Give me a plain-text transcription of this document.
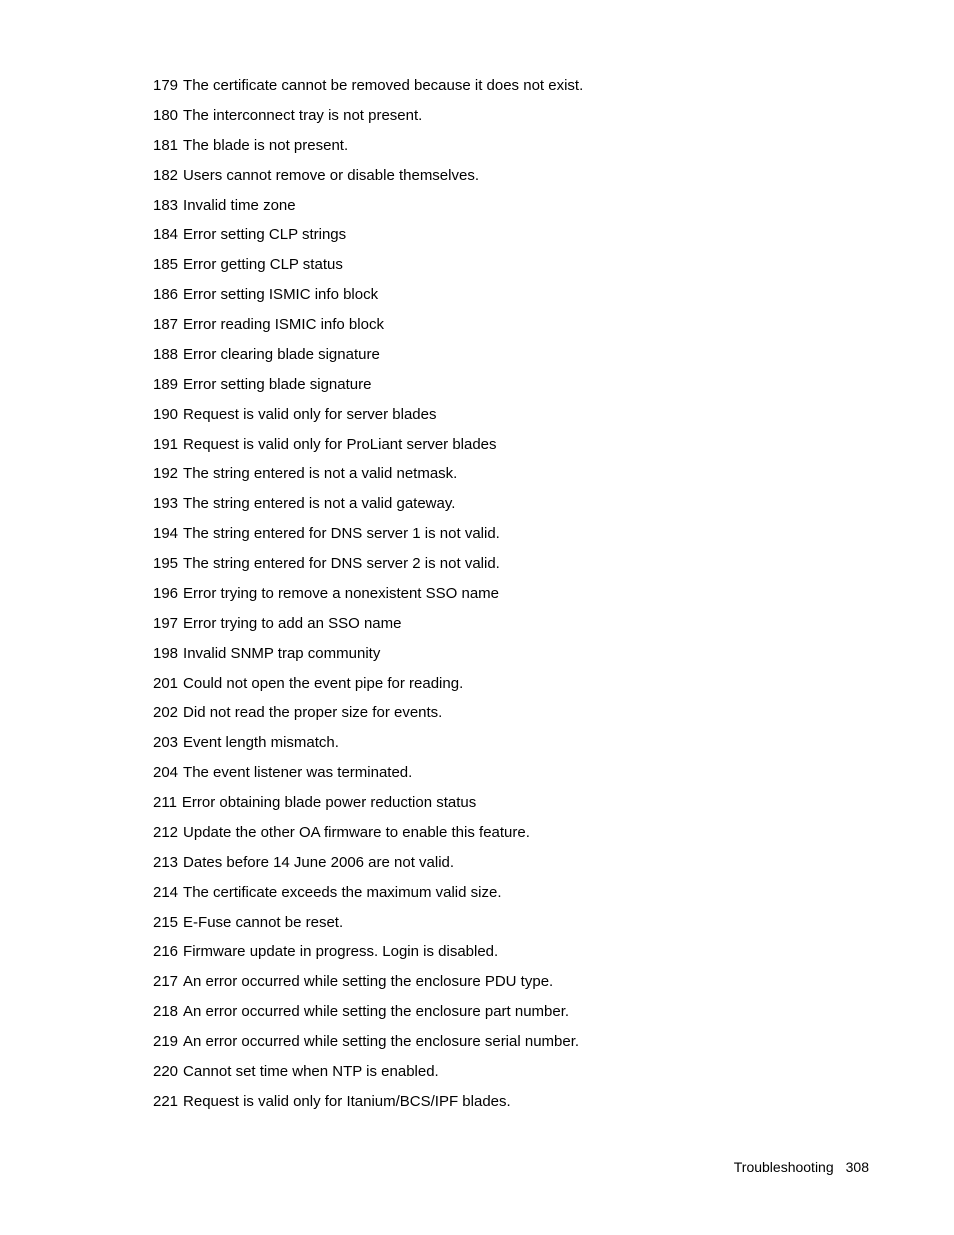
179 The certificate cannot be removed because it does not exist.
180 The interconnect tray is not present.
181 The blade is not present.
182 Users cannot remove or disable themselves.
183 Invalid time zone
184 Error setting CLP strings
185 Error getting CLP status
186 Error setting ISMIC info block
187 Error reading ISMIC info block
188 Error clearing blade signature
189 Error setting blade signature
190 Request is valid only for server blades
191 Request is valid only for ProLiant server blades
192 The string entered is not a valid netmask.
193 The string entered is not a valid gateway.
194 The string entered for DNS server 1 is not valid.
195 The string entered for DNS server 2 is not valid.
196 Error trying to remove a nonexistent SSO name
197 Error trying to add an SSO name
198 Invalid SNMP trap community
201 Could not open the event pipe for reading.
202 Did not read the proper size for events.
203 Event length mismatch.
204 The event listener was terminated.
211 Error obtaining blade power reduction status
212 Update the other OA firmware to enable this feature.
213 Dates before 14 June 2006 are not valid.
214 The certificate exceeds the maximum valid size.
215 E-Fuse cannot be reset.
216 Firmware update in progress. Login is disabled.
217 An error occurred while setting the enclosure PDU type.
218 An error occurred while setting the enclosure part number.
219 An error occurred while setting the enclosure serial number.
220 Cannot set time when NTP is enabled.
221 Request is valid only for Itanium/BCS/IPF blades.
Troubleshooting 308
